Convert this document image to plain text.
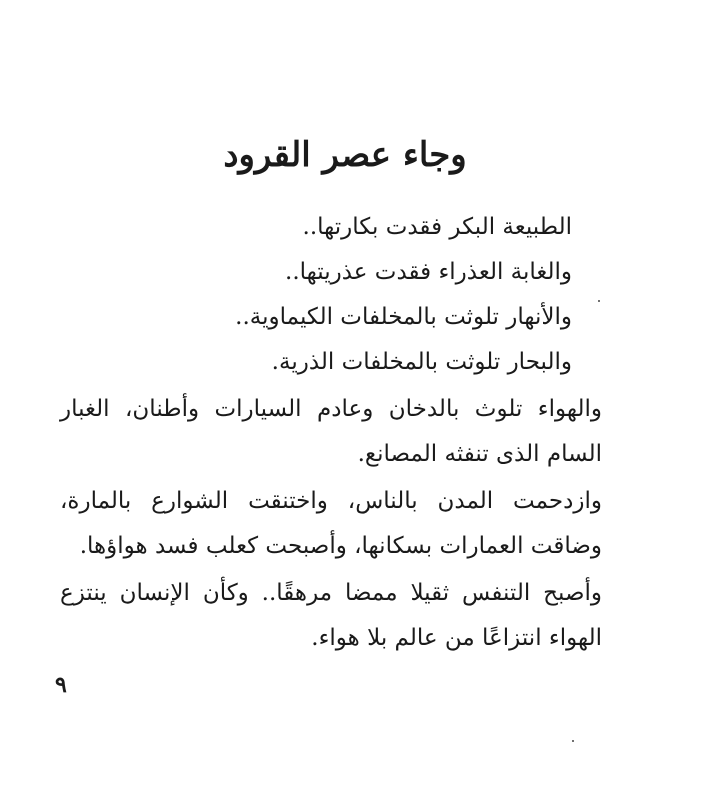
وجاء عصر القرود
الطبيعة البكر فقدت بكارتها..
والغابة العذراء فقدت عذريتها..
والأنهار تلوثت بالمخلفات الكيماوية..
والبحار تلوثت بالمخلفات الذرية.
والهواء تلوث بالدخان وعادم السيارات وأطنان، الغبار السام الذى تنفثه المصانع.
وازدحمت المدن بالناس، واختنقت الشوارع بالمارة، وضاقت العمارات بسكانها، وأصبحت كعلب فسد هواؤها.
وأصبح التنفس ثقيلا ممضا مرهقًا.. وكأن الإنسان ينتزع الهواء انتزاعًا من عالم بلا هواء.
٩
